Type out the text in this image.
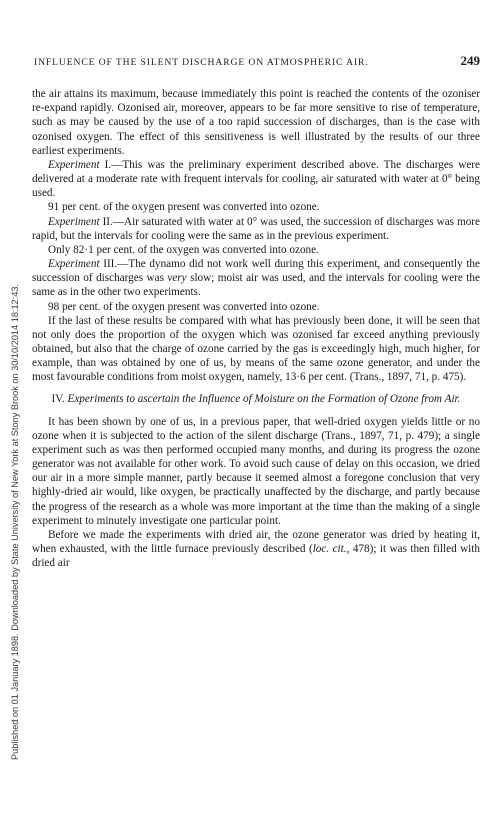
Published on 01 January 1898. Downloaded by State University of New York at Stony Brook on 30/10/2014 18:12:43.
INFLUENCE OF THE SILENT DISCHARGE ON ATMOSPHERIC AIR.	249

the air attains its maximum, because immediately this point is reached the contents of the ozoniser re-expand rapidly. Ozonised air, moreover, appears to be far more sensitive to rise of temperature, such as may be caused by the use of a too rapid succession of discharges, than is the case with ozonised oxygen. The effect of this sensitiveness is well illustrated by the results of our three earliest experiments.

Experiment I.—This was the preliminary experiment described above. The discharges were delivered at a moderate rate with frequent intervals for cooling, air saturated with water at 0° being used.

91 per cent. of the oxygen present was converted into ozone.

Experiment II.—Air saturated with water at 0° was used, the succession of discharges was more rapid, but the intervals for cooling were the same as in the previous experiment.

Only 82·1 per cent. of the oxygen was converted into ozone.

Experiment III.—The dynamo did not work well during this experiment, and consequently the succession of discharges was very slow; moist air was used, and the intervals for cooling were the same as in the other two experiments.

98 per cent. of the oxygen present was converted into ozone.

If the last of these results be compared with what has previously been done, it will be seen that not only does the proportion of the oxygen which was ozonised far exceed anything previously obtained, but also that the charge of ozone carried by the gas is exceedingly high, much higher, for example, than was obtained by one of us, by means of the same ozone generator, and under the most favourable conditions from moist oxygen, namely, 13·6 per cent. (Trans., 1897, 71, p. 475).

IV. Experiments to ascertain the Influence of Moisture on the Formation of Ozone from Air.

It has been shown by one of us, in a previous paper, that well-dried oxygen yields little or no ozone when it is subjected to the action of the silent discharge (Trans., 1897, 71, p. 479); a single experiment such as was then performed occupied many months, and during its progress the ozone generator was not available for other work. To avoid such cause of delay on this occasion, we dried our air in a more simple manner, partly because it seemed almost a foregone conclusion that very highly-dried air would, like oxygen, be practically unaffected by the discharge, and partly because the progress of the research as a whole was more important at the time than the making of a single experiment to minutely investigate one particular point.

Before we made the experiments with dried air, the ozone generator was dried by heating it, when exhausted, with the little furnace previously described (loc. cit., 478); it was then filled with dried air
